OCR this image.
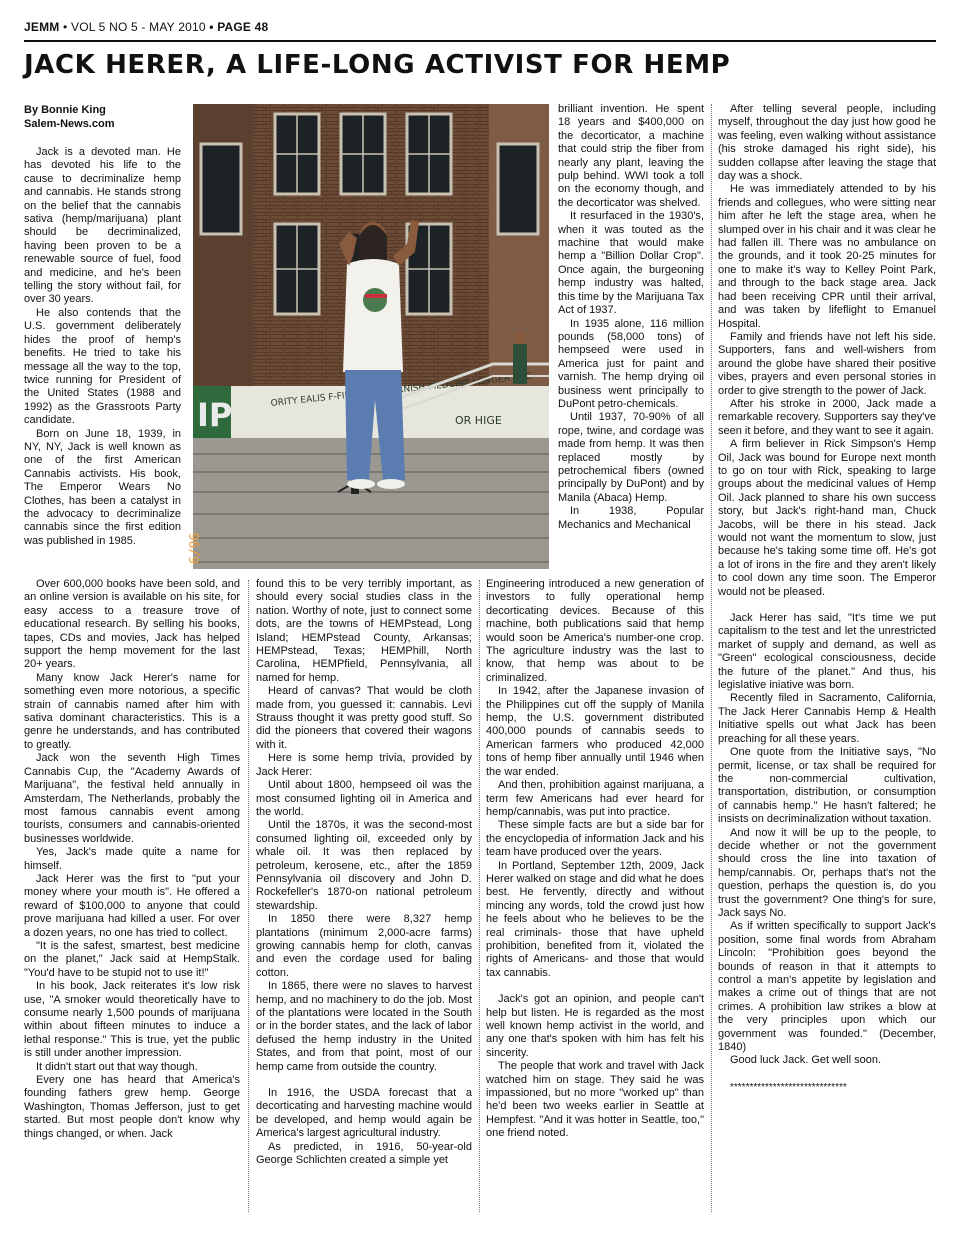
JEMM • VOL 5 NO 5 - MAY 2010 • PAGE 48
JACK HERER, A LIFE-LONG ACTIVIST FOR HEMP
By Bonnie King
Salem-News.com
IP	ORITY EALIS VARNISH-MEDCINE LONGER
OR HIGE
6/96

Jack is a devoted man. He has devoted his life to the cause to decriminalize hemp and cannabis. He stands strong on the belief that the cannabis sativa (hemp/marijuana) plant should be decriminalized, having been proven to be a renewable source of fuel, food and medicine, and he's been telling the story without fail, for over 30 years.

He also contends that the U.S. government deliberately hides the proof of hemp's benefits. He tried to take his message all the way to the top, twice running for President of the United States (1988 and 1992) as the Grassroots Party candidate.

Born on June 18, 1939, in NY, NY, Jack is well known as one of the first American Cannabis activists. His book, The Emperor Wears No Clothes, has been a catalyst in the advocacy to decriminalize cannabis since the first edition was published in 1985.

Over 600,000 books have been sold, and an online version is available on his site, for easy access to a treasure trove of educational research. By selling his books, tapes, CDs and movies, Jack has helped support the hemp movement for the last 20+ years.

Many know Jack Herer's name for something even more notorious, a specific strain of cannabis named after him with sativa dominant characteristics. This is a genre he understands, and has contributed to greatly.

Jack won the seventh High Times Cannabis Cup, the "Academy Awards of Marijuana", the festival held annually in Amsterdam, The Netherlands, probably the most famous cannabis event among tourists, consumers and cannabis-oriented businesses worldwide.

Yes, Jack's made quite a name for himself.

Jack Herer was the first to "put your money where your mouth is". He offered a reward of $100,000 to anyone that could prove marijuana had killed a user. For over a dozen years, no one has tried to collect.

"It is the safest, smartest, best medicine on the planet," Jack said at HempStalk. "You'd have to be stupid not to use it!"

In his book, Jack reiterates it's low risk use, "A smoker would theoretically have to consume nearly 1,500 pounds of marijuana within about fifteen minutes to induce a lethal response." This is true, yet the public is still under another impression.

It didn't start out that way though.

Every one has heard that America's founding fathers grew hemp. George Washington, Thomas Jefferson, just to get started. But most people don't know why things changed, or when. Jack

found this to be very terribly important, as should every social studies class in the nation. Worthy of note, just to connect some dots, are the towns of HEMPstead, Long Island; HEMPstead County, Arkansas; HEMPstead, Texas; HEMPhill, North Carolina, HEMPfield, Pennsylvania, all named for hemp.

Heard of canvas? That would be cloth made from, you guessed it: cannabis. Levi Strauss thought it was pretty good stuff. So did the pioneers that covered their wagons with it.

Here is some hemp trivia, provided by Jack Herer:

Until about 1800, hempseed oil was the most consumed lighting oil in America and the world.

Until the 1870s, it was the second-most consumed lighting oil, exceeded only by whale oil. It was then replaced by petroleum, kerosene, etc., after the 1859 Pennsylvania oil discovery and John D. Rockefeller's 1870-on national petroleum stewardship.

In 1850 there were 8,327 hemp plantations (minimum 2,000-acre farms) growing cannabis hemp for cloth, canvas and even the cordage used for baling cotton.

In 1865, there were no slaves to harvest hemp, and no machinery to do the job. Most of the plantations were located in the South or in the border states, and the lack of labor defused the hemp industry in the United States, and from that point, most of our hemp came from outside the country.

In 1916, the USDA forecast that a decorticating and harvesting machine would be developed, and hemp would again be America's largest agricultural industry.

As predicted, in 1916, 50-year-old George Schlichten created a simple yet

brilliant invention. He spent 18 years and $400,000 on the decorticator, a machine that could strip the fiber from nearly any plant, leaving the pulp behind. WWI took a toll on the economy though, and the decorticator was shelved.

It resurfaced in the 1930's, when it was touted as the machine that would make hemp a "Billion Dollar Crop". Once again, the burgeoning hemp industry was halted, this time by the Marijuana Tax Act of 1937.

In 1935 alone, 116 million pounds (58,000 tons) of hempseed were used in America just for paint and varnish. The hemp drying oil business went principally to DuPont petro-chemicals.

Until 1937, 70-90% of all rope, twine, and cordage was made from hemp. It was then replaced mostly by petrochemical fibers (owned principally by DuPont) and by Manila (Abaca) Hemp.

In 1938, Popular Mechanics and Mechanical

Engineering introduced a new generation of investors to fully operational hemp decorticating devices. Because of this machine, both publications said that hemp would soon be America's number-one crop. The agriculture industry was the last to know, that hemp was about to be criminalized.

In 1942, after the Japanese invasion of the Philippines cut off the supply of Manila hemp, the U.S. government distributed 400,000 pounds of cannabis seeds to American farmers who produced 42,000 tons of hemp fiber annually until 1946 when the war ended.

And then, prohibition against marijuana, a term few Americans had ever heard for hemp/cannabis, was put into practice.

These simple facts are but a side bar for the encyclopedia of information Jack and his team have produced over the years.

In Portland, September 12th, 2009, Jack Herer walked on stage and did what he does best. He fervently, directly and without mincing any words, told the crowd just how he feels about who he believes to be the real criminals- those that have upheld prohibition, benefited from it, violated the rights of Americans- and those that would tax cannabis.

Jack's got an opinion, and people can't help but listen. He is regarded as the most well known hemp activist in the world, and any one that's spoken with him has felt his sincerity.

The people that work and travel with Jack watched him on stage. They said he was impassioned, but no more "worked up" than he'd been two weeks earlier in Seattle at Hempfest. "And it was hotter in Seattle, too," one friend noted.

After telling several people, including myself, throughout the day just how good he was feeling, even walking without assistance (his stroke damaged his right side), his sudden collapse after leaving the stage that day was a shock.

He was immediately attended to by his friends and collegues, who were sitting near him after he left the stage area, when he slumped over in his chair and it was clear he had fallen ill. There was no ambulance on the grounds, and it took 20-25 minutes for one to make it's way to Kelley Point Park, and through to the back stage area. Jack had been receiving CPR until their arrival, and was taken by lifeflight to Emanuel Hospital.

Family and friends have not left his side. Supporters, fans and well-wishers from around the globe have shared their positive vibes, prayers and even personal stories in order to give strength to the power of Jack.

After his stroke in 2000, Jack made a remarkable recovery. Supporters say they've seen it before, and they want to see it again.

A firm believer in Rick Simpson's Hemp Oil, Jack was bound for Europe next month to go on tour with Rick, speaking to large groups about the medicinal values of Hemp Oil. Jack planned to share his own success story, but Jack's right-hand man, Chuck Jacobs, will be there in his stead. Jack would not want the momentum to slow, just because he's taking some time off. He's got a lot of irons in the fire and they aren't likely to cool down any time soon. The Emperor would not be pleased.

Jack Herer has said, "It's time we put capitalism to the test and let the unrestricted market of supply and demand, as well as "Green" ecological consciousness, decide the future of the planet." And thus, his legislative iniative was born.

Recently filed in Sacramento, California, The Jack Herer Cannabis Hemp & Health Initiative spells out what Jack has been preaching for all these years.

One quote from the Initiative says, "No permit, license, or tax shall be required for the non-commercial cultivation, transportation, distribution, or consumption of cannabis hemp." He hasn't faltered; he insists on decriminalization without taxation.

And now it will be up to the people, to decide whether or not the government should cross the line into taxation of hemp/cannabis. Or, perhaps that's not the question, perhaps the question is, do you trust the government? One thing's for sure, Jack says No.

As if written specifically to support Jack's position, some final words from Abraham Lincoln: "Prohibition goes beyond the bounds of reason in that it attempts to control a man's appetite by legislation and makes a crime out of things that are not crimes. A prohibition law strikes a blow at the very principles upon which our government was founded." (December, 1840)

Good luck Jack. Get well soon.

******************************
